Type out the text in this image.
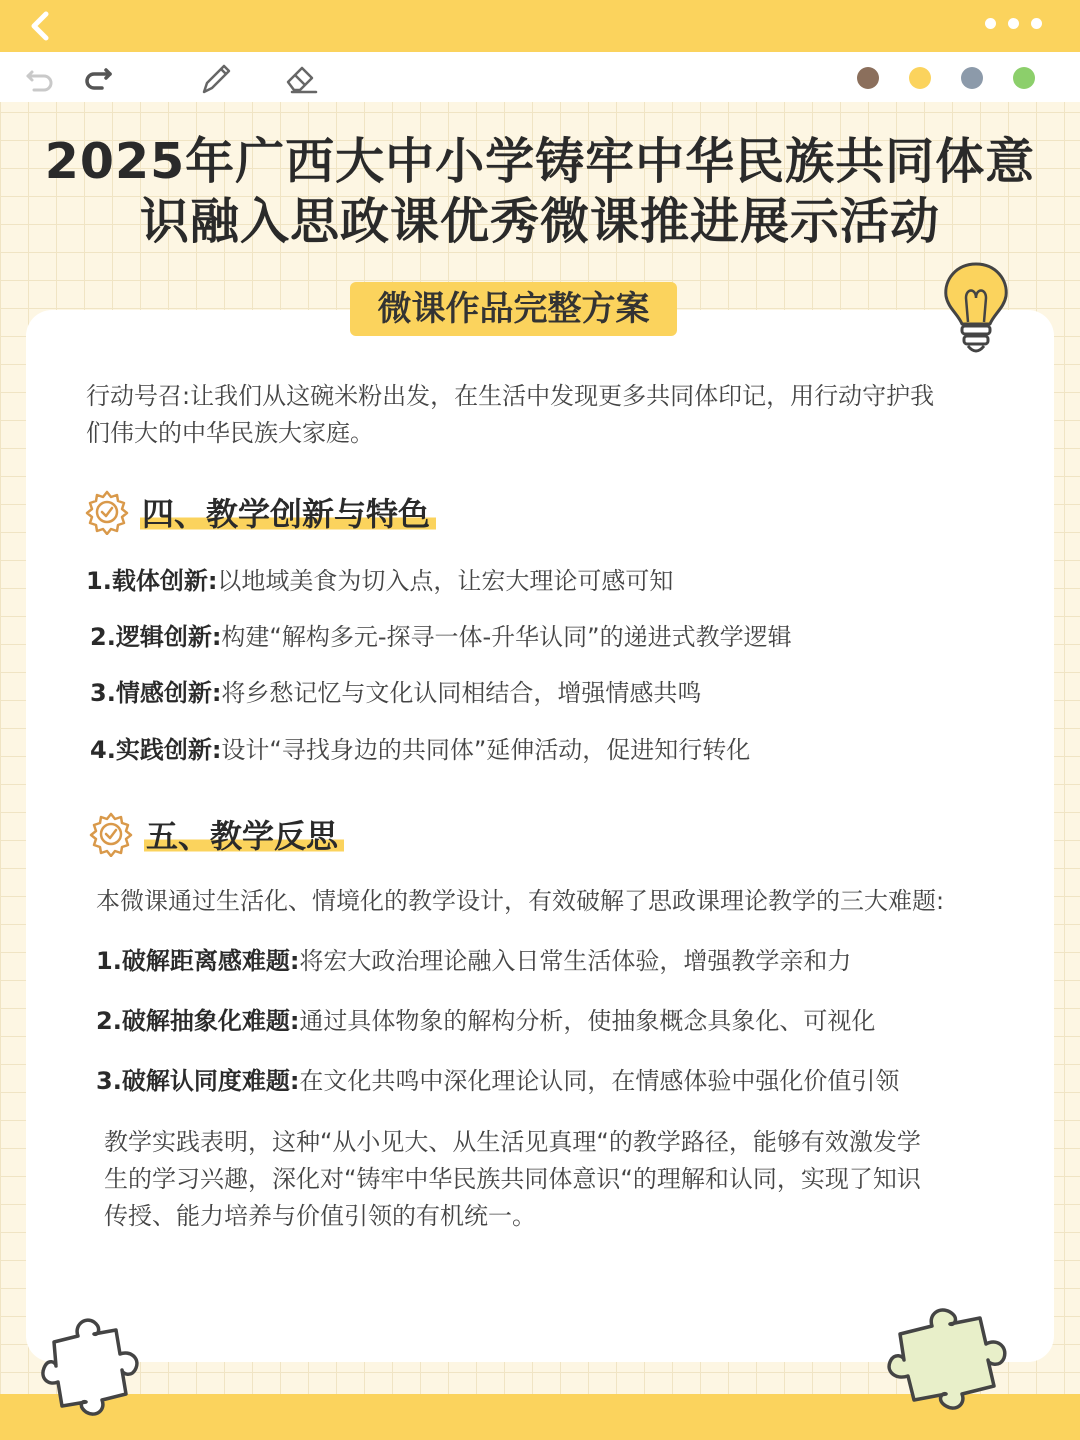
2025年广西大中小学铸牢中华民族共同体意
识融入思政课优秀微课推进展示活动
微课作品完整方案

行动号召:让我们从这碗米粉出发，在生活中发现更多共同体印记，用行动守护我
们伟大的中华民族大家庭。

四、教学创新与特色
1.载体创新:以地域美食为切入点，让宏大理论可感可知
2.逻辑创新:构建“解构多元-探寻一体-升华认同”的递进式教学逻辑
3.情感创新:将乡愁记忆与文化认同相结合，增强情感共鸣
4.实践创新:设计“寻找身边的共同体”延伸活动，促进知行转化
五、教学反思
本微课通过生活化、情境化的教学设计，有效破解了思政课理论教学的三大难题:
1.破解距离感难题:将宏大政治理论融入日常生活体验，增强教学亲和力
2.破解抽象化难题:通过具体物象的解构分析，使抽象概念具象化、可视化
3.破解认同度难题:在文化共鸣中深化理论认同，在情感体验中强化价值引领

教学实践表明，这种“从小见大、从生活见真理“的教学路径，能够有效激发学
生的学习兴趣，深化对“铸牢中华民族共同体意识“的理解和认同，实现了知识
传授、能力培养与价值引领的有机统一。
